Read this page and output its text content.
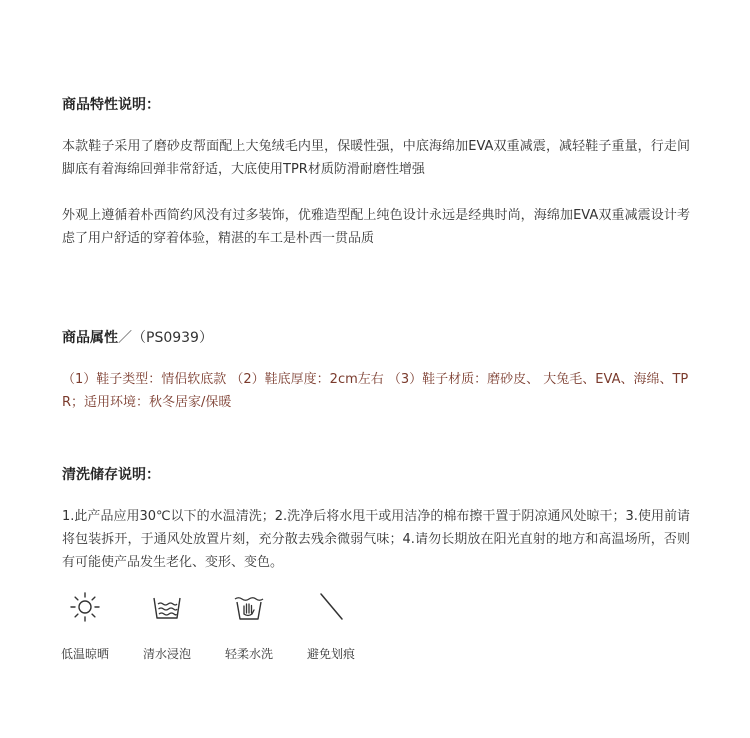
商品特性说明：

本款鞋子采用了磨砂皮帮面配上大兔绒毛内里，保暖性强，中底海绵加EVA双重减震，减轻鞋子重量，行走间脚底有着海绵回弹非常舒适，大底使用TPR材质防滑耐磨性增强

外观上遵循着朴西简约风没有过多装饰，优雅造型配上纯色设计永远是经典时尚，海绵加EVA双重减震设计考虑了用户舒适的穿着体验，精湛的车工是朴西一贯品质

商品属性／（PS0939）

（1）鞋子类型：情侣软底款 （2）鞋底厚度：2cm左右 （3）鞋子材质：磨砂皮、 大兔毛、EVA、海绵、TPR；适用环境：秋冬居家/保暖

清洗储存说明：

1.此产品应用30℃以下的水温清洗；2.洗净后将水甩干或用洁净的棉布擦干置于阴凉通风处晾干；3.使用前请将包装拆开，于通风处放置片刻，充分散去残余微弱气味；4.请勿长期放在阳光直射的地方和高温场所，否则有可能使产品发生老化、变形、变色。

低温晾晒	清水浸泡	轻柔水洗	避免划痕
